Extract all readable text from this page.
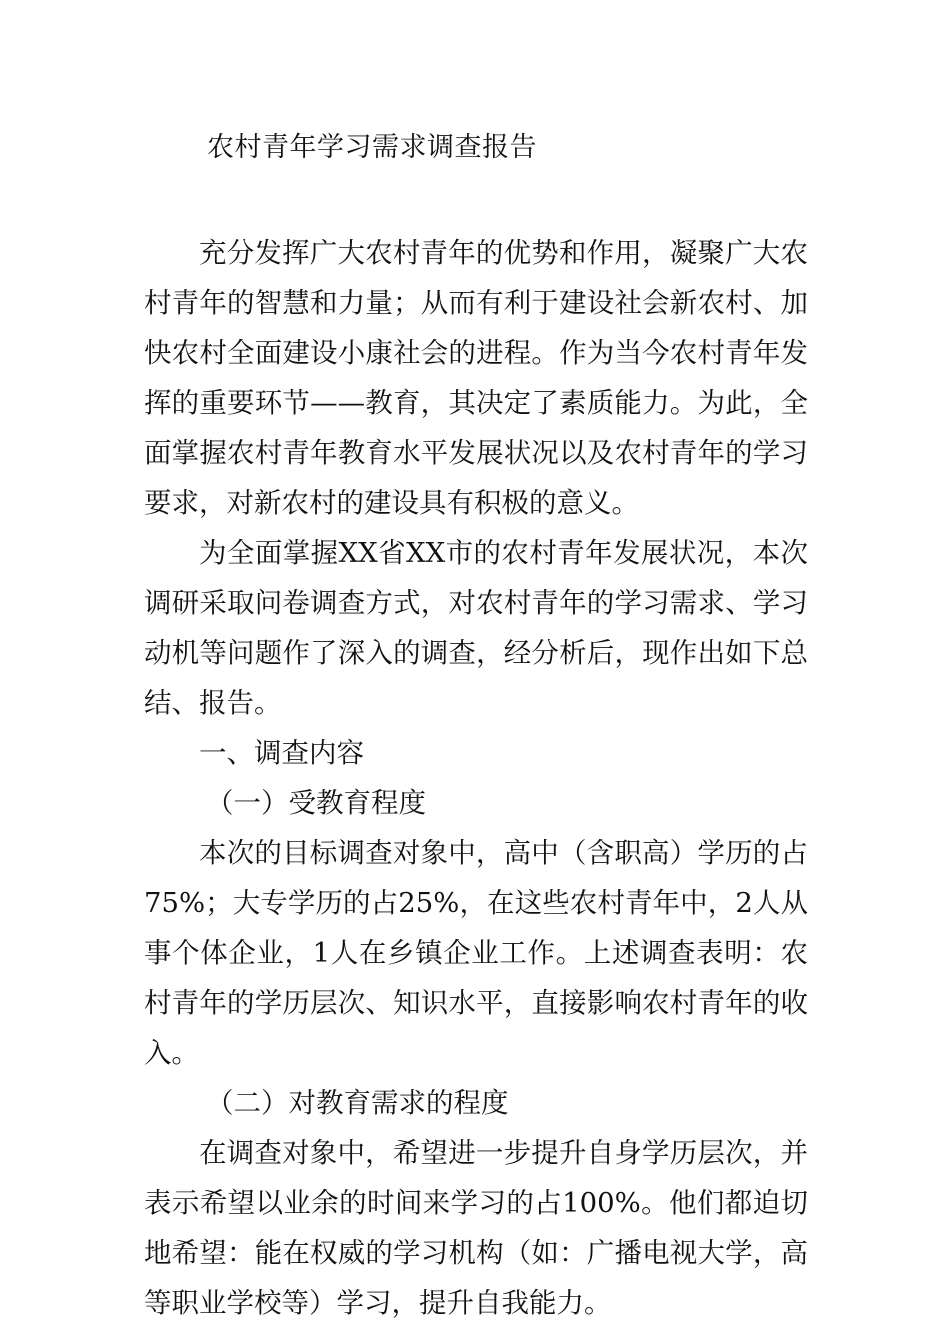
农村青年学习需求调查报告

充分发挥广大农村青年的优势和作用，凝聚广大农村青年的智慧和力量；从而有利于建设社会新农村、加快农村全面建设小康社会的进程。作为当今农村青年发挥的重要环节——教育，其决定了素质能力。为此，全面掌握农村青年教育水平发展状况以及农村青年的学习要求，对新农村的建设具有积极的意义。

为全面掌握XX省XX市的农村青年发展状况，本次调研采取问卷调查方式，对农村青年的学习需求、学习动机等问题作了深入的调查，经分析后，现作出如下总结、报告。

一、调查内容

（一）受教育程度

本次的目标调查对象中，高中（含职高）学历的占75%；大专学历的占25%，在这些农村青年中，2人从事个体企业，1人在乡镇企业工作。上述调查表明：农村青年的学历层次、知识水平，直接影响农村青年的收入。

（二）对教育需求的程度

在调查对象中，希望进一步提升自身学历层次，并表示希望以业余的时间来学习的占100%。他们都迫切地希望：能在权威的学习机构（如：广播电视大学，高等职业学校等）学习，提升自我能力。
